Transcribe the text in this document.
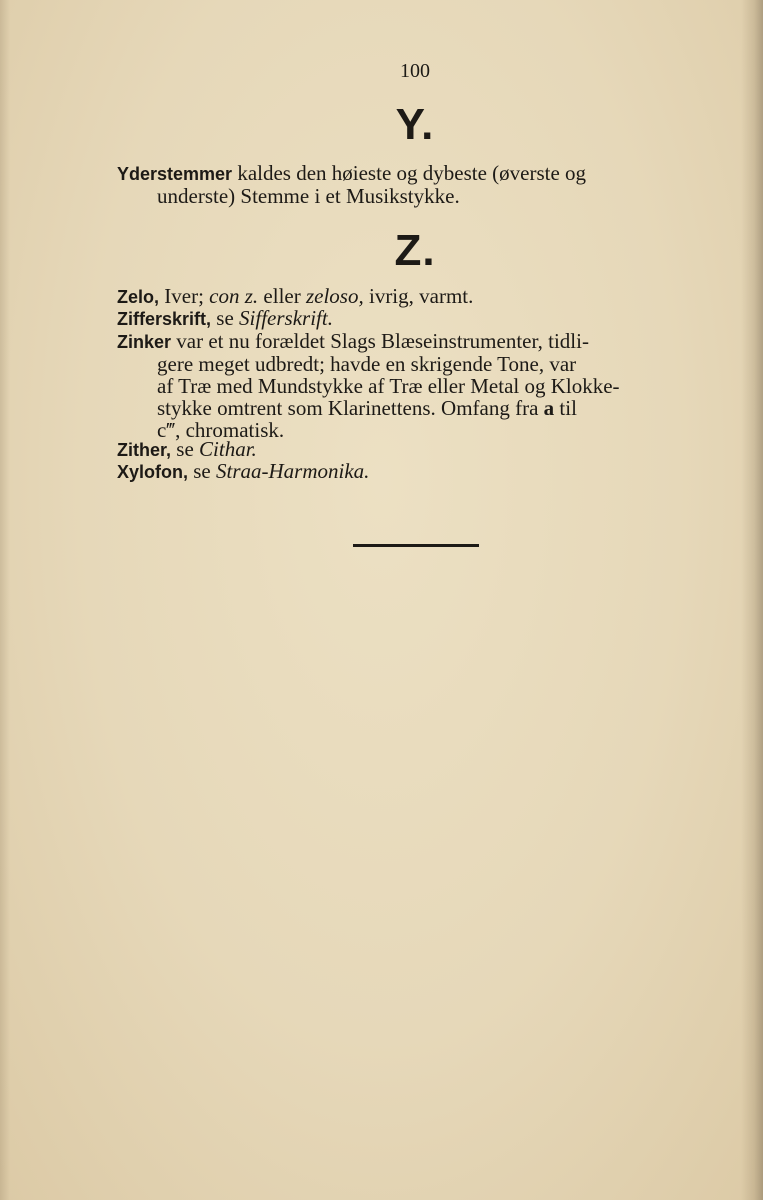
100
Y.
Yderstemmer kaldes den høieste og dybeste (øverste og
underste) Stemme i et Musikstykke.
Z.
Zelo, Iver; con z. eller zeloso, ivrig, varmt.
Zifferskrift, se Sifferskrift.
Zinker var et nu forældet Slags Blæseinstrumenter, tidli-
gere meget udbredt; havde en skrigende Tone, var
af Træ med Mundstykke af Træ eller Metal og Klokke-
stykke omtrent som Klarinettens. Omfang fra a til
c‴, chromatisk.
Zither, se Cithar.
Xylofon, se Straa-Harmonika.
